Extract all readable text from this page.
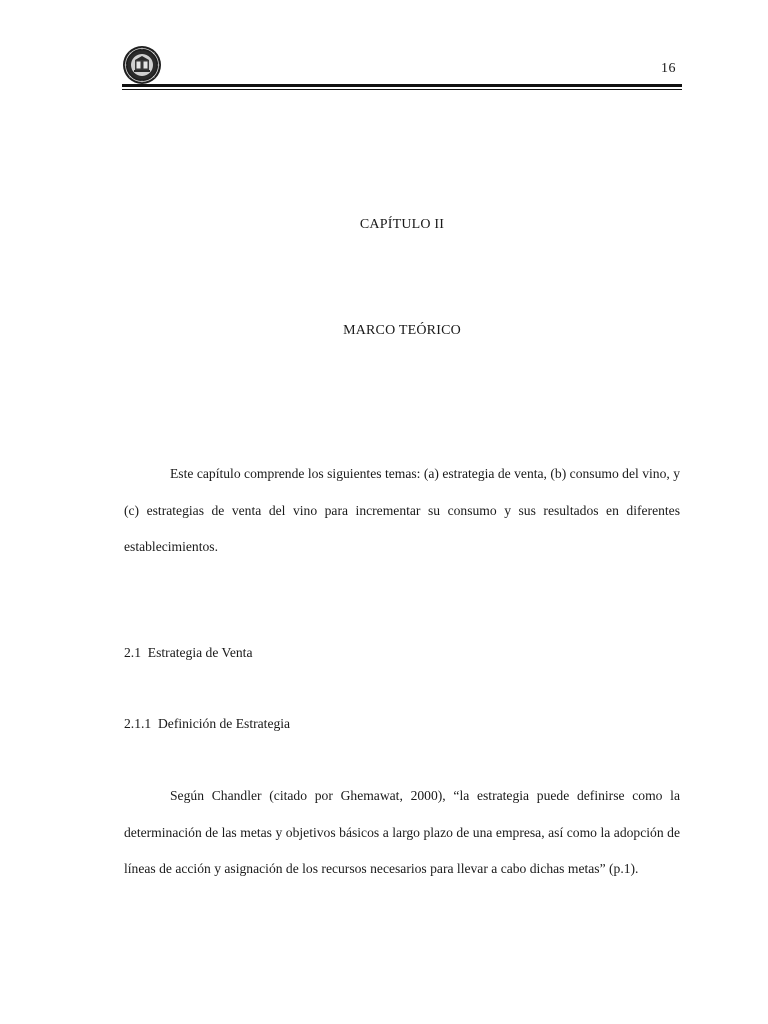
16
CAPÍTULO II
MARCO TEÓRICO
Este capítulo comprende los siguientes temas: (a) estrategia de venta, (b) consumo del vino, y (c) estrategias de venta del vino para incrementar su consumo y sus resultados en diferentes establecimientos.
2.1 Estrategia de Venta
2.1.1 Definición de Estrategia
Según Chandler (citado por Ghemawat, 2000), “la estrategia puede definirse como la determinación de las metas y objetivos básicos a largo plazo de una empresa, así como la adopción de líneas de acción y asignación de los recursos necesarios para llevar a cabo dichas metas” (p.1).
